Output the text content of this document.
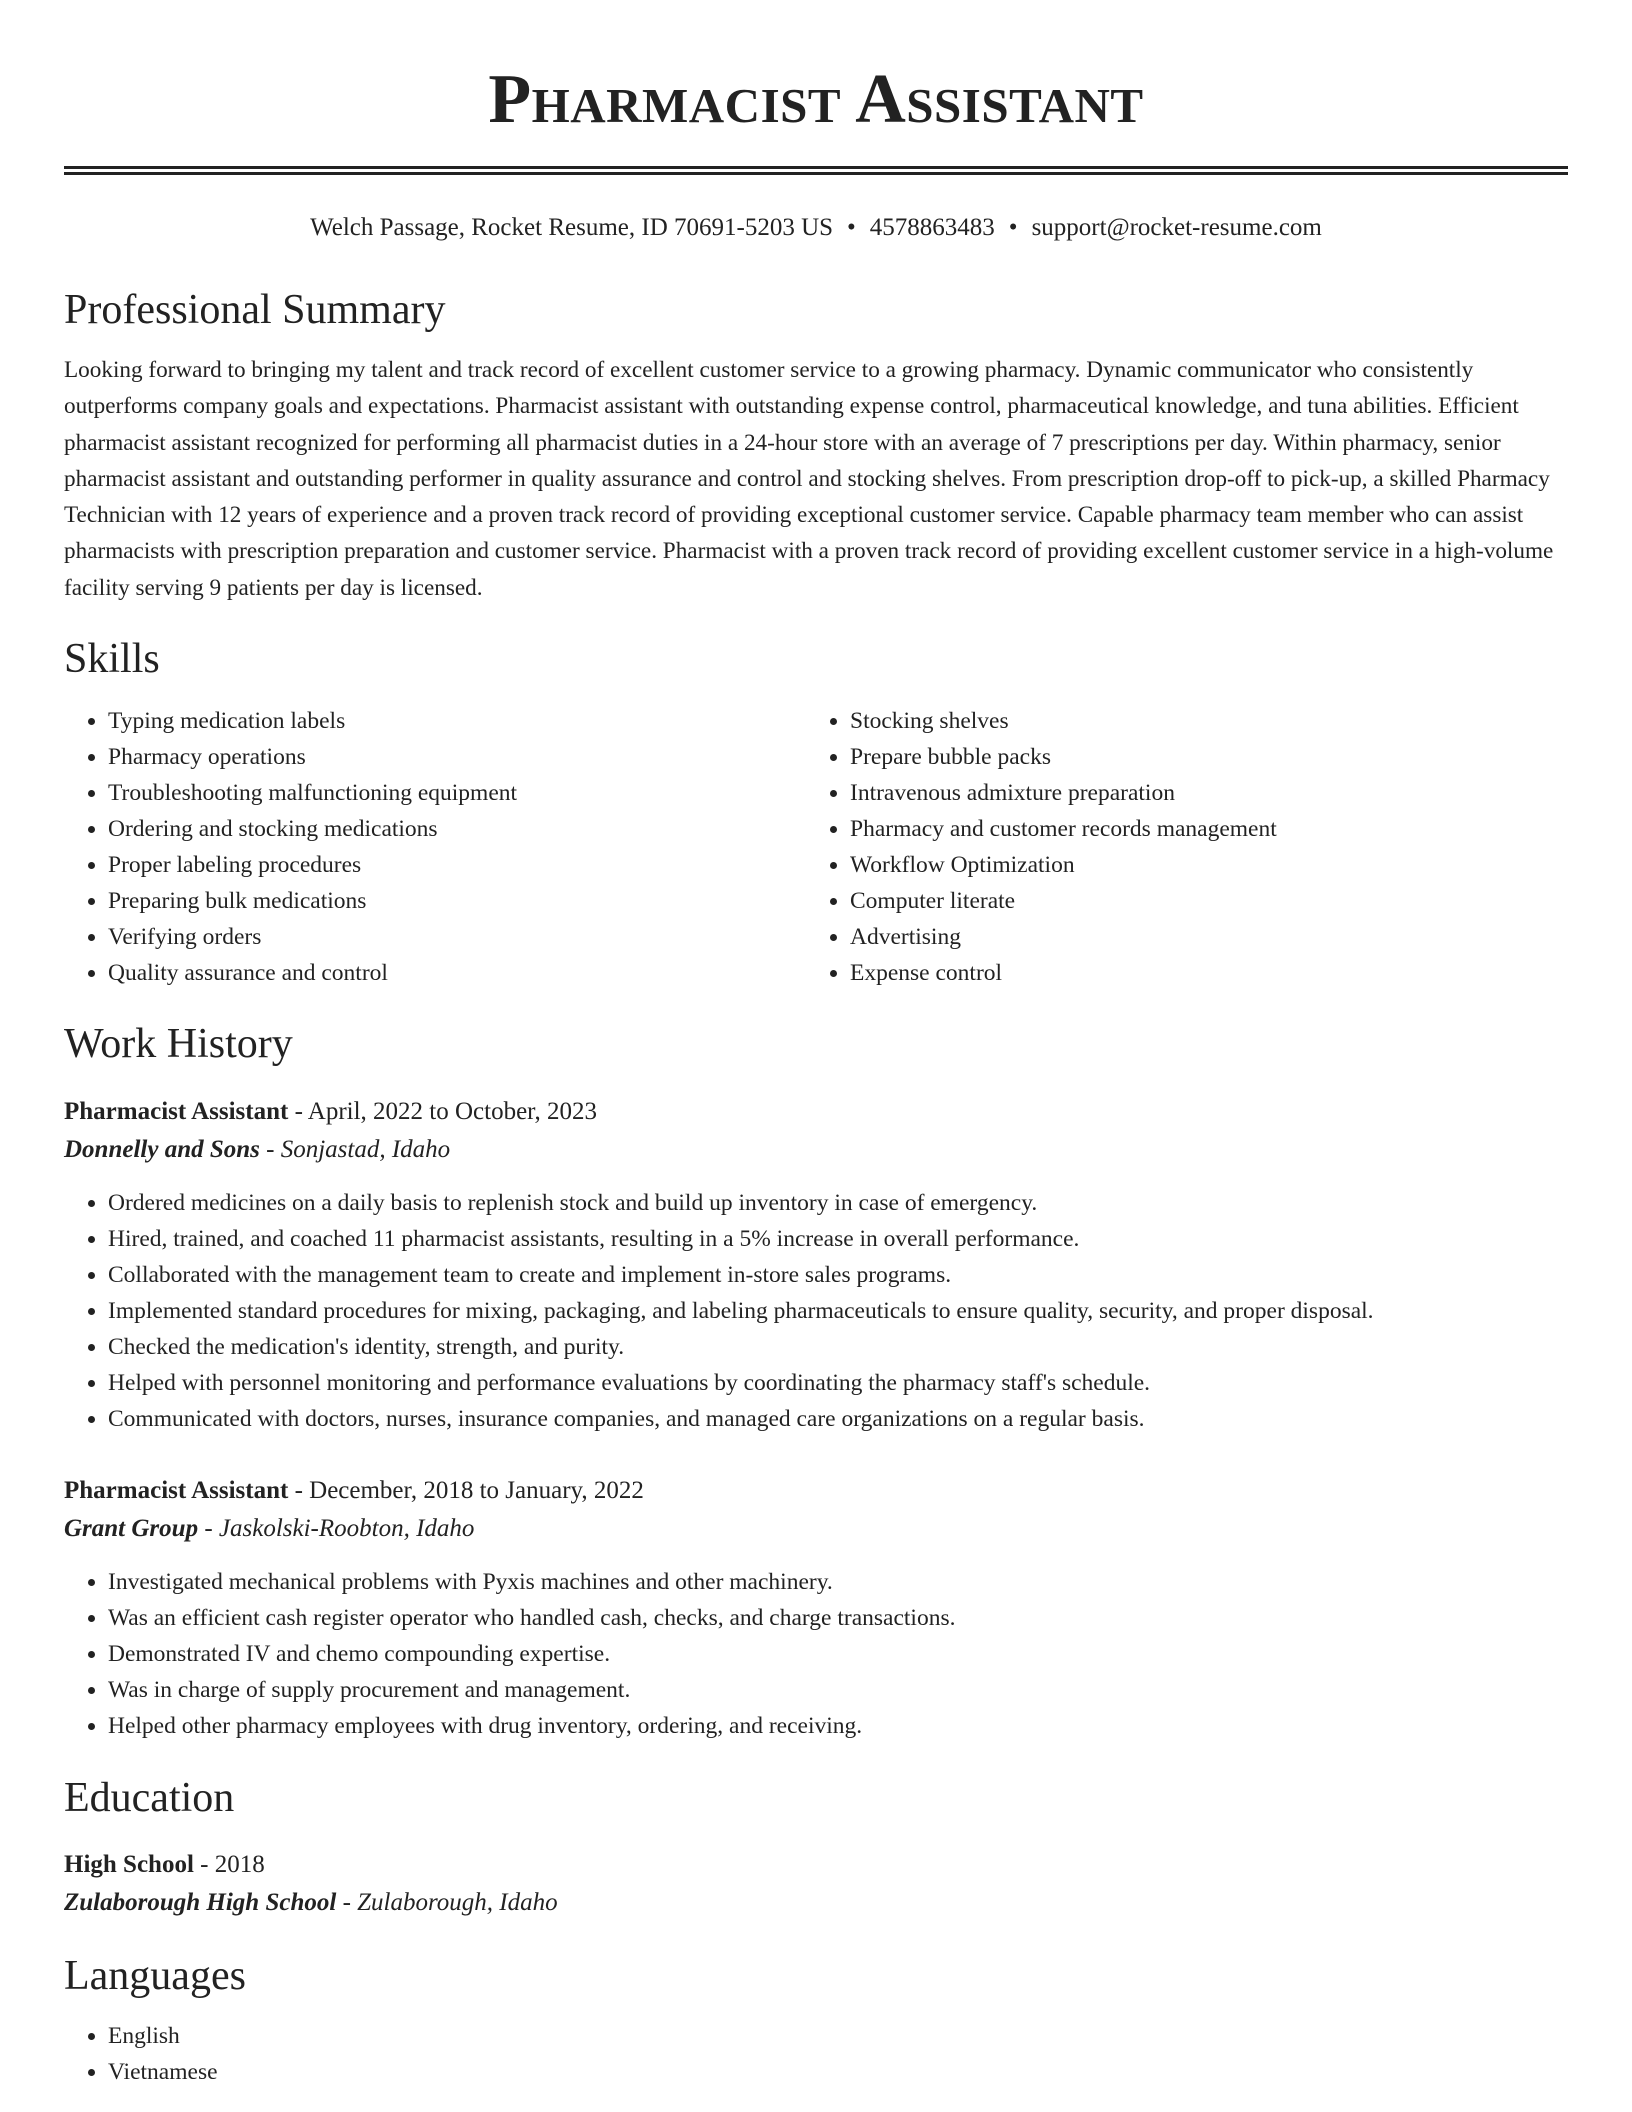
Pharmacist Assistant
Welch Passage, Rocket Resume, ID 70691-5203 US • 4578863483 • support@rocket-resume.com
Professional Summary

Looking forward to bringing my talent and track record of excellent customer service to a growing pharmacy. Dynamic communicator who consistently outperforms company goals and expectations. Pharmacist assistant with outstanding expense control, pharmaceutical knowledge, and tuna abilities. Efficient pharmacist assistant recognized for performing all pharmacist duties in a 24-hour store with an average of 7 prescriptions per day. Within pharmacy, senior pharmacist assistant and outstanding performer in quality assurance and control and stocking shelves. From prescription drop-off to pick-up, a skilled Pharmacy Technician with 12 years of experience and a proven track record of providing exceptional customer service. Capable pharmacy team member who can assist pharmacists with prescription preparation and customer service. Pharmacist with a proven track record of providing excellent customer service in a high-volume facility serving 9 patients per day is licensed.

Skills
• Typing medication labels
• Pharmacy operations
• Troubleshooting malfunctioning equipment
• Ordering and stocking medications
• Proper labeling procedures
• Preparing bulk medications
• Verifying orders
• Quality assurance and control
• Stocking shelves
• Prepare bubble packs
• Intravenous admixture preparation
• Pharmacy and customer records management
• Workflow Optimization
• Computer literate
• Advertising
• Expense control
Work History
Pharmacist Assistant - April, 2022 to October, 2023
Donnelly and Sons - Sonjastad, Idaho
• Ordered medicines on a daily basis to replenish stock and build up inventory in case of emergency.
• Hired, trained, and coached 11 pharmacist assistants, resulting in a 5% increase in overall performance.
• Collaborated with the management team to create and implement in-store sales programs.
• Implemented standard procedures for mixing, packaging, and labeling pharmaceuticals to ensure quality, security, and proper disposal.
• Checked the medication's identity, strength, and purity.
• Helped with personnel monitoring and performance evaluations by coordinating the pharmacy staff's schedule.
• Communicated with doctors, nurses, insurance companies, and managed care organizations on a regular basis.
Pharmacist Assistant - December, 2018 to January, 2022
Grant Group - Jaskolski-Roobton, Idaho
• Investigated mechanical problems with Pyxis machines and other machinery.
• Was an efficient cash register operator who handled cash, checks, and charge transactions.
• Demonstrated IV and chemo compounding expertise.
• Was in charge of supply procurement and management.
• Helped other pharmacy employees with drug inventory, ordering, and receiving.
Education
High School - 2018
Zulaborough High School - Zulaborough, Idaho
Languages
• English
• Vietnamese
